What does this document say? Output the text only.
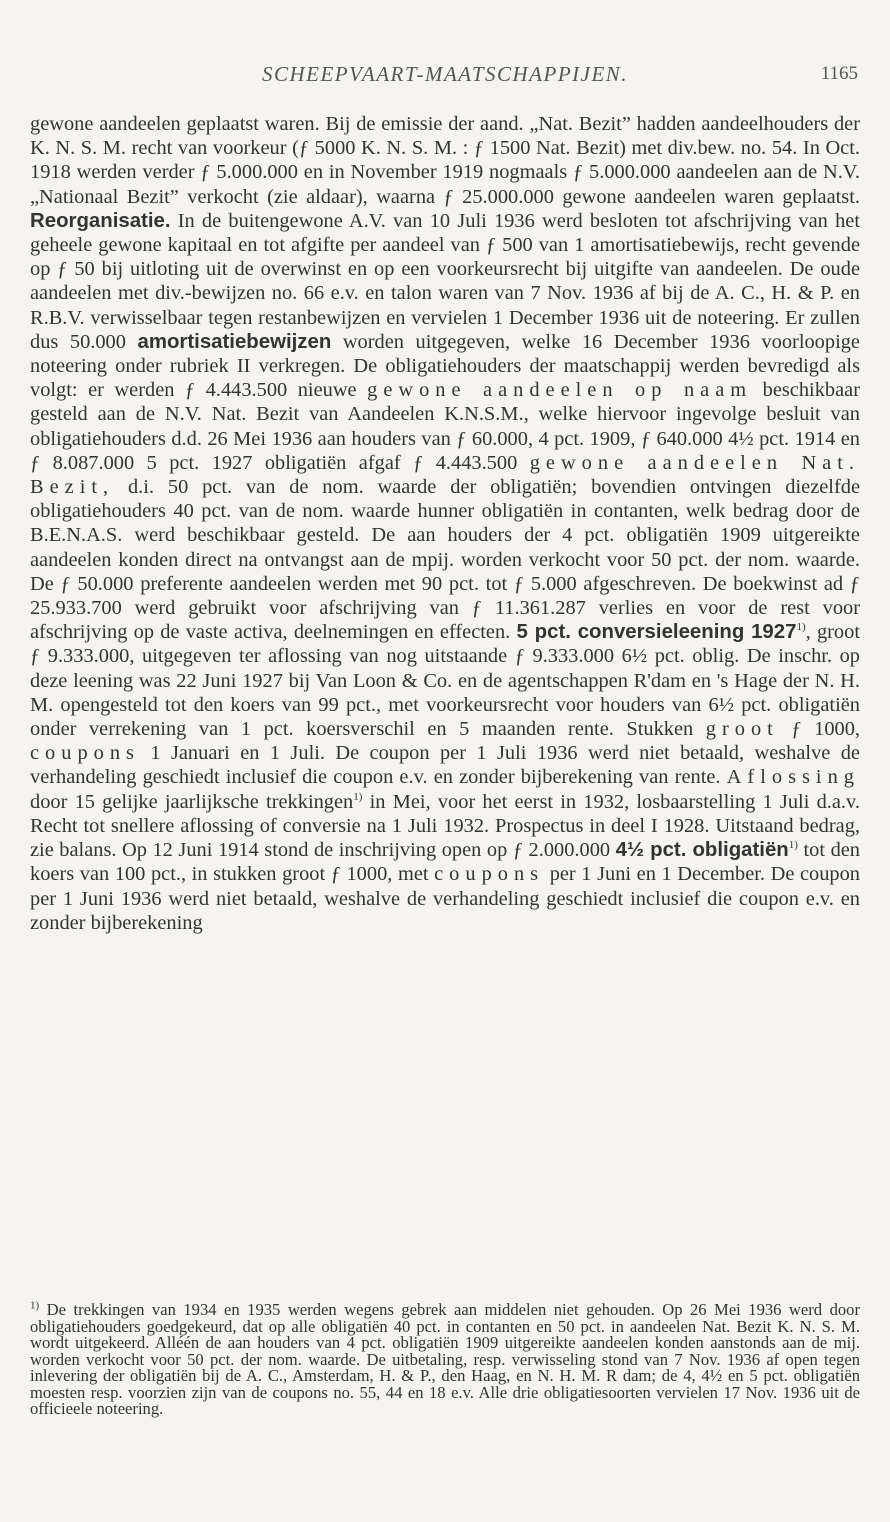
SCHEEPVAART-MAATSCHAPPIJEN.	1165

gewone aandeelen geplaatst waren. Bij de emissie der aand. „Nat. Bezit” hadden aandeelhouders der K. N. S. M. recht van voorkeur (ƒ 5000 K. N. S. M. : ƒ 1500 Nat. Bezit) met div.bew. no. 54. In Oct. 1918 werden verder ƒ 5.000.000 en in November 1919 nogmaals ƒ 5.000.000 aandeelen aan de N.V. „Nationaal Bezit” verkocht (zie aldaar), waarna ƒ 25.000.000 gewone aandeelen waren geplaatst. Reorganisatie. In de buitengewone A.V. van 10 Juli 1936 werd besloten tot afschrijving van het geheele gewone kapitaal en tot afgifte per aandeel van ƒ 500 van 1 amortisatiebewijs, recht gevende op ƒ 50 bij uitloting uit de overwinst en op een voorkeursrecht bij uitgifte van aandeelen. De oude aandeelen met div.-bewijzen no. 66 e.v. en talon waren van 7 Nov. 1936 af bij de A. C., H. & P. en R.B.V. verwisselbaar tegen restanbewijzen en vervielen 1 December 1936 uit de noteering. Er zullen dus 50.000 amortisatiebewijzen worden uitgegeven, welke 16 December 1936 voorloopige noteering onder rubriek II verkregen. De obligatiehouders der maatschappij werden bevredigd als volgt: er werden ƒ 4.443.500 nieuwe gewone aandeelen op naam beschikbaar gesteld aan de N.V. Nat. Bezit van Aandeelen K.N.S.M., welke hiervoor ingevolge besluit van obligatiehouders d.d. 26 Mei 1936 aan houders van ƒ 60.000, 4 pct. 1909, ƒ 640.000 4½ pct. 1914 en ƒ 8.087.000 5 pct. 1927 obligatiën afgaf ƒ 4.443.500 gewone aandeelen Nat. Bezit, d.i. 50 pct. van de nom. waarde der obligatiën; bovendien ontvingen diezelfde obligatiehouders 40 pct. van de nom. waarde hunner obligatiën in contanten, welk bedrag door de B.E.N.A.S. werd beschikbaar gesteld. De aan houders der 4 pct. obligatiën 1909 uitgereikte aandeelen konden direct na ontvangst aan de mpij. worden verkocht voor 50 pct. der nom. waarde. De ƒ 50.000 preferente aandeelen werden met 90 pct. tot ƒ 5.000 afgeschreven. De boekwinst ad ƒ 25.933.700 werd gebruikt voor afschrijving van ƒ 11.361.287 verlies en voor de rest voor afschrijving op de vaste activa, deelnemingen en effecten. 5 pct. conversieleening 1927$^{1)}$, groot ƒ 9.333.000, uitgegeven ter aflossing van nog uitstaande ƒ 9.333.000 6½ pct. oblig. De inschr. op deze leening was 22 Juni 1927 bij Van Loon & Co. en de agentschappen R'dam en 's Hage der N. H. M. opengesteld tot den koers van 99 pct., met voorkeursrecht voor houders van 6½ pct. obligatiën onder verrekening van 1 pct. koersverschil en 5 maanden rente. Stukken groot ƒ 1000, coupons 1 Januari en 1 Juli. De coupon per 1 Juli 1936 werd niet betaald, weshalve de verhandeling geschiedt inclusief die coupon e.v. en zonder bijberekening van rente. Aflossing door 15 gelijke jaarlijksche trekkingen$^{1)}$ in Mei, voor het eerst in 1932, losbaarstelling 1 Juli d.a.v. Recht tot snellere aflossing of conversie na 1 Juli 1932. Prospectus in deel I 1928. Uitstaand bedrag, zie balans. Op 12 Juni 1914 stond de inschrijving open op ƒ 2.000.000 4½ pct. obligatiën$^{1)}$ tot den koers van 100 pct., in stukken groot ƒ 1000, met coupons per 1 Juni en 1 December. De coupon per 1 Juni 1936 werd niet betaald, weshalve de verhandeling geschiedt inclusief die coupon e.v. en zonder bijberekening

$^{1)}$ De trekkingen van 1934 en 1935 werden wegens gebrek aan middelen niet gehouden. Op 26 Mei 1936 werd door obligatiehouders goedgekeurd, dat op alle obligatiën 40 pct. in contanten en 50 pct. in aandeelen Nat. Bezit K. N. S. M. wordt uitgekeerd. Alléén de aan houders van 4 pct. obligatiën 1909 uitgereikte aandeelen konden aanstonds aan de mij. worden verkocht voor 50 pct. der nom. waarde. De uitbetaling, resp. verwisseling stond van 7 Nov. 1936 af open tegen inlevering der obligatiën bij de A. C., Amsterdam, H. & P., den Haag, en N. H. M. R dam; de 4, 4½ en 5 pct. obligatiën moesten resp. voorzien zijn van de coupons no. 55, 44 en 18 e.v. Alle drie obligatiesoorten vervielen 17 Nov. 1936 uit de officieele noteering.
